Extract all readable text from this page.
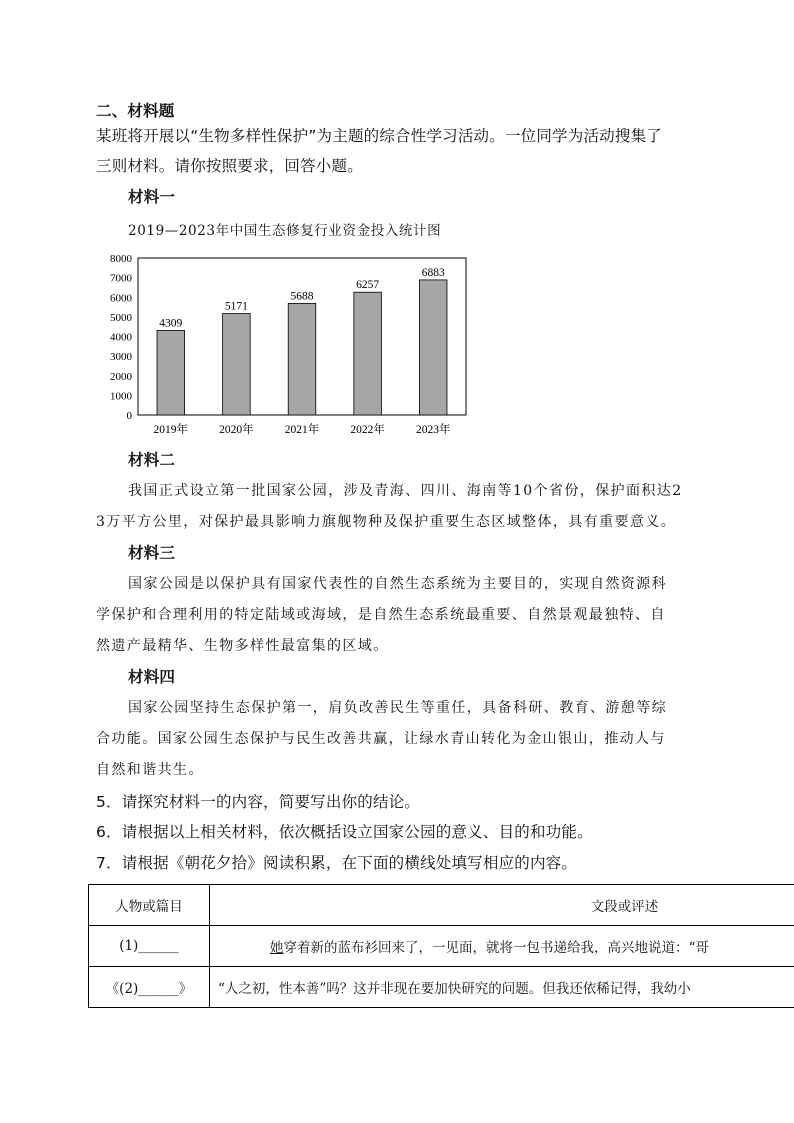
二、材料题
某班将开展以“生物多样性保护”为主题的综合性学习活动。一位同学为活动搜集了
三则材料。请你按照要求，回答小题。
材料一
2019—2023年中国生态修复行业资金投入统计图
0
1000
2000
3000
4000
5000
6000
7000
8000
4309
5171
5688
6257
6883
2019年	2020年	2021年	2022年	2023年
材料二
我国正式设立第一批国家公园，涉及青海、四川、海南等10个省份，保护面积达2
3万平方公里，对保护最具影响力旗舰物种及保护重要生态区域整体，具有重要意义。
材料三
国家公园是以保护具有国家代表性的自然生态系统为主要目的，实现自然资源科
学保护和合理利用的特定陆域或海域，是自然生态系统最重要、自然景观最独特、自
然遗产最精华、生物多样性最富集的区域。
材料四
国家公园坚持生态保护第一，肩负改善民生等重任，具备科研、教育、游憩等综
合功能。国家公园生态保护与民生改善共赢，让绿水青山转化为金山银山，推动人与
自然和谐共生。
5．请探究材料一的内容，简要写出你的结论。
6．请根据以上相关材料，依次概括设立国家公园的意义、目的和功能。
7．请根据《朝花夕拾》阅读积累，在下面的横线处填写相应的内容。
人物或篇目	文段或评述
(1)______	她穿着新的蓝布衫回来了，一见面，就将一包书递给我，高兴地说道：“哥
《(2)______》	“人之初，性本善”吗？这并非现在要加快研究的问题。但我还依稀记得，我幼小
